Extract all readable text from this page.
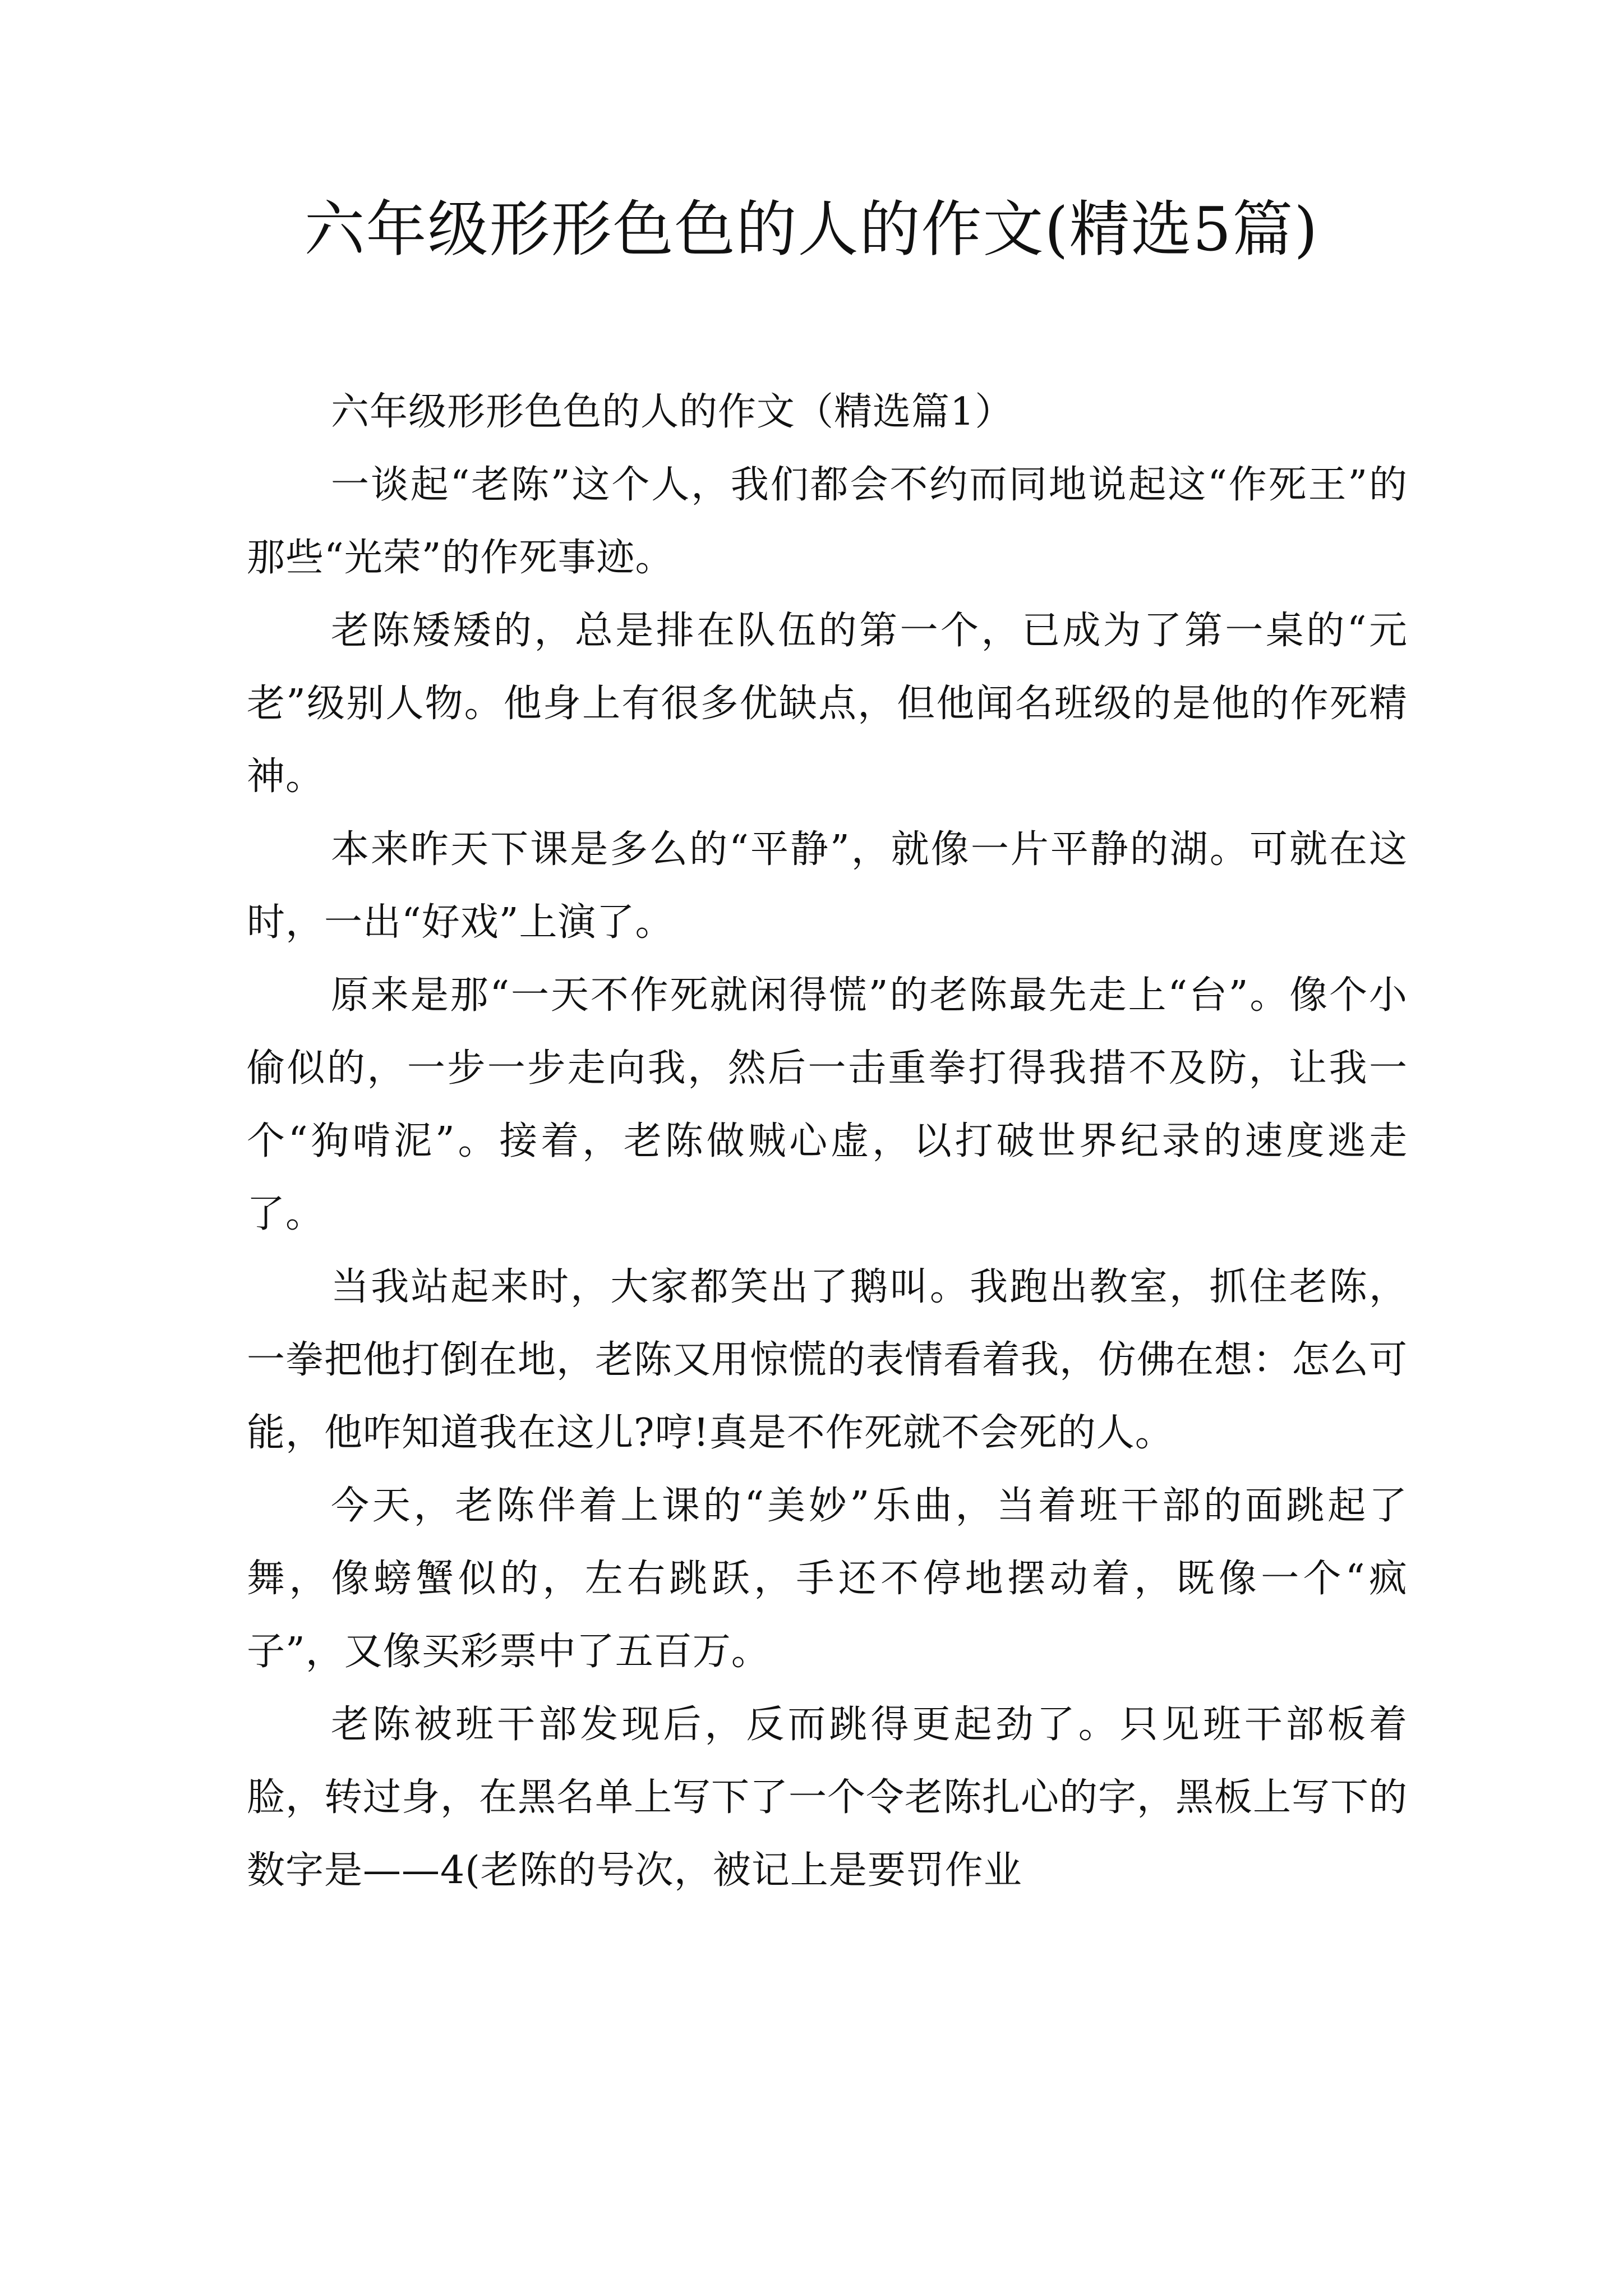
六年级形形色色的人的作文(精选5篇)

六年级形形色色的人的作文（精选篇1）

一谈起“老陈”这个人，我们都会不约而同地说起这“作死王”的那些“光荣”的作死事迹。

老陈矮矮的，总是排在队伍的第一个，已成为了第一桌的“元老”级别人物。他身上有很多优缺点，但他闻名班级的是他的作死精神。

本来昨天下课是多么的“平静”，就像一片平静的湖。可就在这时，一出“好戏”上演了。

原来是那“一天不作死就闲得慌”的老陈最先走上“台”。像个小偷似的，一步一步走向我，然后一击重拳打得我措不及防，让我一个“狗啃泥”。接着，老陈做贼心虚，以打破世界纪录的速度逃走了。

当我站起来时，大家都笑出了鹅叫。我跑出教室，抓住老陈，一拳把他打倒在地，老陈又用惊慌的表情看着我，仿佛在想：怎么可能，他咋知道我在这儿?哼!真是不作死就不会死的人。

今天，老陈伴着上课的“美妙”乐曲，当着班干部的面跳起了舞，像螃蟹似的，左右跳跃，手还不停地摆动着，既像一个“疯子”，又像买彩票中了五百万。

老陈被班干部发现后，反而跳得更起劲了。只见班干部板着脸，转过身，在黑名单上写下了一个令老陈扎心的字，黑板上写下的数字是——4(老陈的号次，被记上是要罚作业
